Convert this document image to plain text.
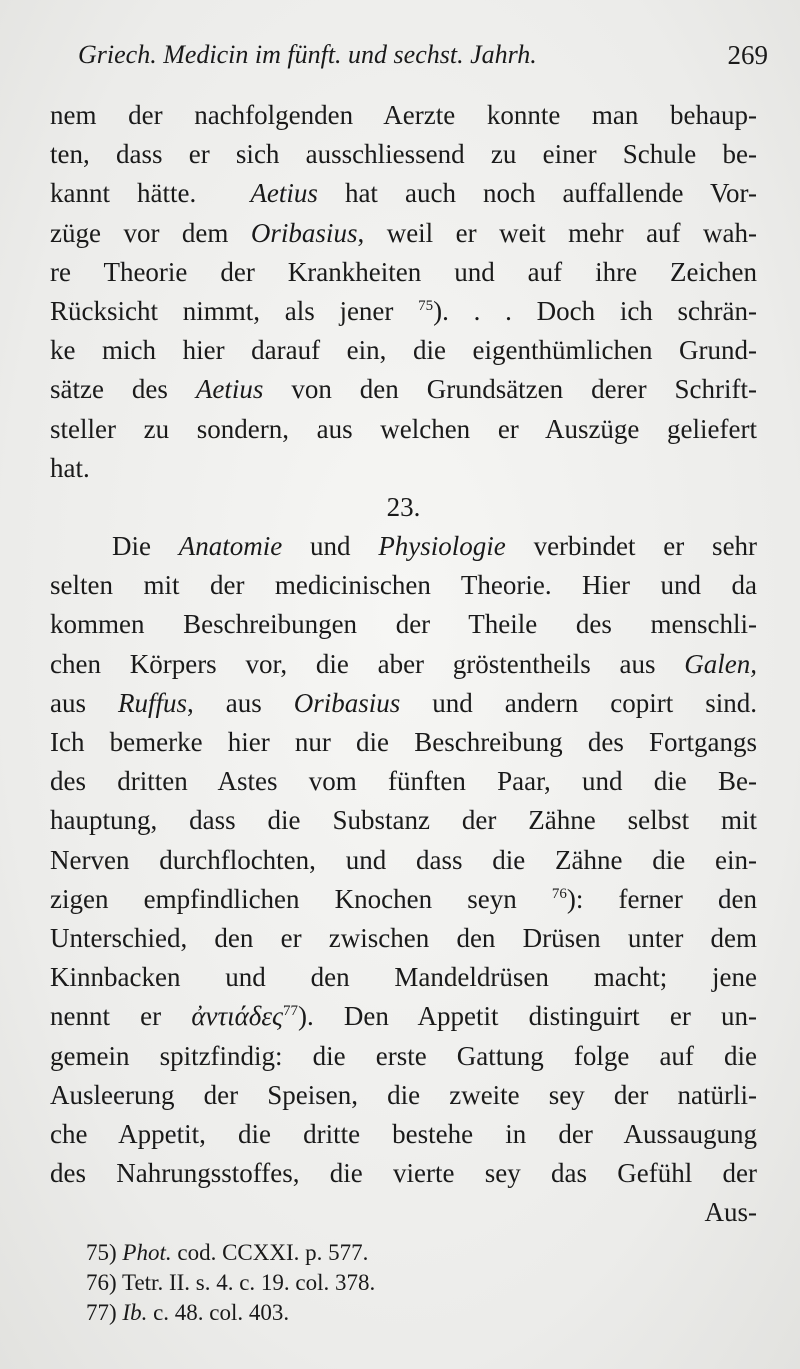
Griech. Medicin im fünft. und sechst. Jahrh.	269
nem der nachfolgenden Aerzte konnte man behaup-
ten, dass er sich ausschliessend zu einer Schule be-
kannt hätte. Aetius hat auch noch auffallende Vor-
züge vor dem Oribasius, weil er weit mehr auf wah-
re Theorie der Krankheiten und auf ihre Zeichen
Rücksicht nimmt, als jener $^{75}$). . . Doch ich schrän-
ke mich hier darauf ein, die eigenthümlichen Grund-
sätze des Aetius von den Grundsätzen derer Schrift-
steller zu sondern, aus welchen er Auszüge geliefert
hat.
23.
Die Anatomie und Physiologie verbindet er sehr
selten mit der medicinischen Theorie. Hier und da
kommen Beschreibungen der Theile des menschli-
chen Körpers vor, die aber gröstentheils aus Galen,
aus Ruffus, aus Oribasius und andern copirt sind.
Ich bemerke hier nur die Beschreibung des Fortgangs
des dritten Astes vom fünften Paar, und die Be-
hauptung, dass die Substanz der Zähne selbst mit
Nerven durchflochten, und dass die Zähne die ein-
zigen empfindlichen Knochen seyn $^{76}$): ferner den
Unterschied, den er zwischen den Drüsen unter dem
Kinnbacken und den Mandeldrüsen macht; jene
nennt er ἀντιάδες$^{77}$). Den Appetit distinguirt er un-
gemein spitzfindig: die erste Gattung folge auf die
Ausleerung der Speisen, die zweite sey der natürli-
che Appetit, die dritte bestehe in der Aussaugung
des Nahrungsstoffes, die vierte sey das Gefühl der
Aus-
75) Phot. cod. CCXXI. p. 577.
76) Tetr. II. s. 4. c. 19. col. 378.
77) Ib. c. 48. col. 403.
